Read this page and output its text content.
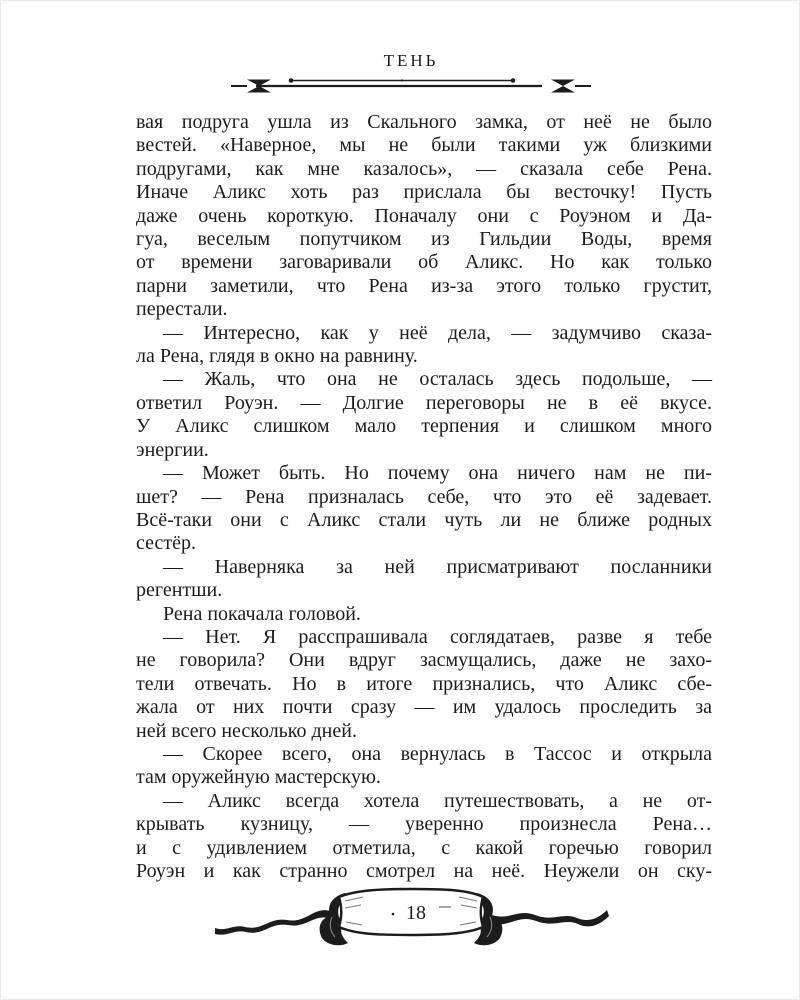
ТЕНЬ
вая подруга ушла из Скального замка, от неё не было
вестей. «Наверное, мы не были такими уж близкими
подругами, как мне казалось», — сказала себе Рена.
Иначе Аликс хоть раз прислала бы весточку! Пусть
даже очень короткую. Поначалу они с Роуэном и Да-
гуа, веселым попутчиком из Гильдии Воды, время
от времени заговаривали об Аликс. Но как только
парни заметили, что Рена из-за этого только грустит,
перестали.
— Интересно, как у неё дела, — задумчиво сказа-
ла Рена, глядя в окно на равнину.
— Жаль, что она не осталась здесь подольше, —
ответил Роуэн. — Долгие переговоры не в её вкусе.
У Аликс слишком мало терпения и слишком много
энергии.
— Может быть. Но почему она ничего нам не пи-
шет? — Рена призналась себе, что это её задевает.
Всё-таки они с Аликс стали чуть ли не ближе родных
сестёр.
— Наверняка за ней присматривают посланники
регентши.
Рена покачала головой.
— Нет. Я расспрашивала соглядатаев, разве я тебе
не говорила? Они вдруг засмущались, даже не захо-
тели отвечать. Но в итоге признались, что Аликс сбе-
жала от них почти сразу — им удалось проследить за
ней всего несколько дней.
— Скорее всего, она вернулась в Тассос и открыла
там оружейную мастерскую.
— Аликс всегда хотела путешествовать, а не от-
крывать кузницу, — уверенно произнесла Рена…
и с удивлением отметила, с какой горечью говорил
Роуэн и как странно смотрел на неё. Неужели он ску-
18
